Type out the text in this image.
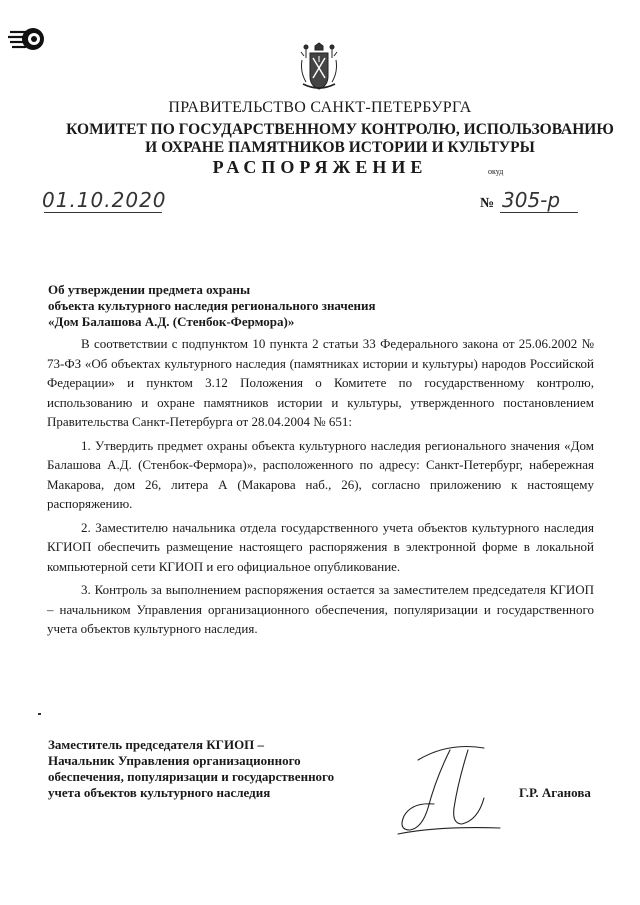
ПРАВИТЕЛЬСТВО САНКТ-ПЕТЕРБУРГА
КОМИТЕТ ПО ГОСУДАРСТВЕННОМУ КОНТРОЛЮ, ИСПОЛЬЗОВАНИЮ
И ОХРАНЕ ПАМЯТНИКОВ ИСТОРИИ И КУЛЬТУРЫ
РАСПОРЯЖЕНИЕ	окуд
01.10.2020	№ 305-р
Об утверждении предмета охраны
объекта культурного наследия регионального значения
«Дом Балашова А.Д. (Стенбок-Фермора)»

В соответствии с подпунктом 10 пункта 2 статьи 33 Федерального закона от 25.06.2002 № 73-ФЗ «Об объектах культурного наследия (памятниках истории и культуры) народов Российской Федерации» и пунктом 3.12 Положения о Комитете по государственному контролю, использованию и охране памятников истории и культуры, утвержденного постановлением Правительства Санкт-Петербурга от 28.04.2004 № 651:

1. Утвердить предмет охраны объекта культурного наследия регионального значения «Дом Балашова А.Д. (Стенбок-Фермора)», расположенного по адресу: Санкт-Петербург, набережная Макарова, дом 26, литера А (Макарова наб., 26), согласно приложению к настоящему распоряжению.

2. Заместителю начальника отдела государственного учета объектов культурного наследия КГИОП обеспечить размещение настоящего распоряжения в электронной форме в локальной компьютерной сети КГИОП и его официальное опубликование.

3. Контроль за выполнением распоряжения остается за заместителем председателя КГИОП – начальником Управления организационного обеспечения, популяризации и государственного учета объектов культурного наследия.

Заместитель председателя КГИОП –
Начальник Управления организационного
обеспечения, популяризации и государственного
учета объектов культурного наследия	Г.Р. Аганова
